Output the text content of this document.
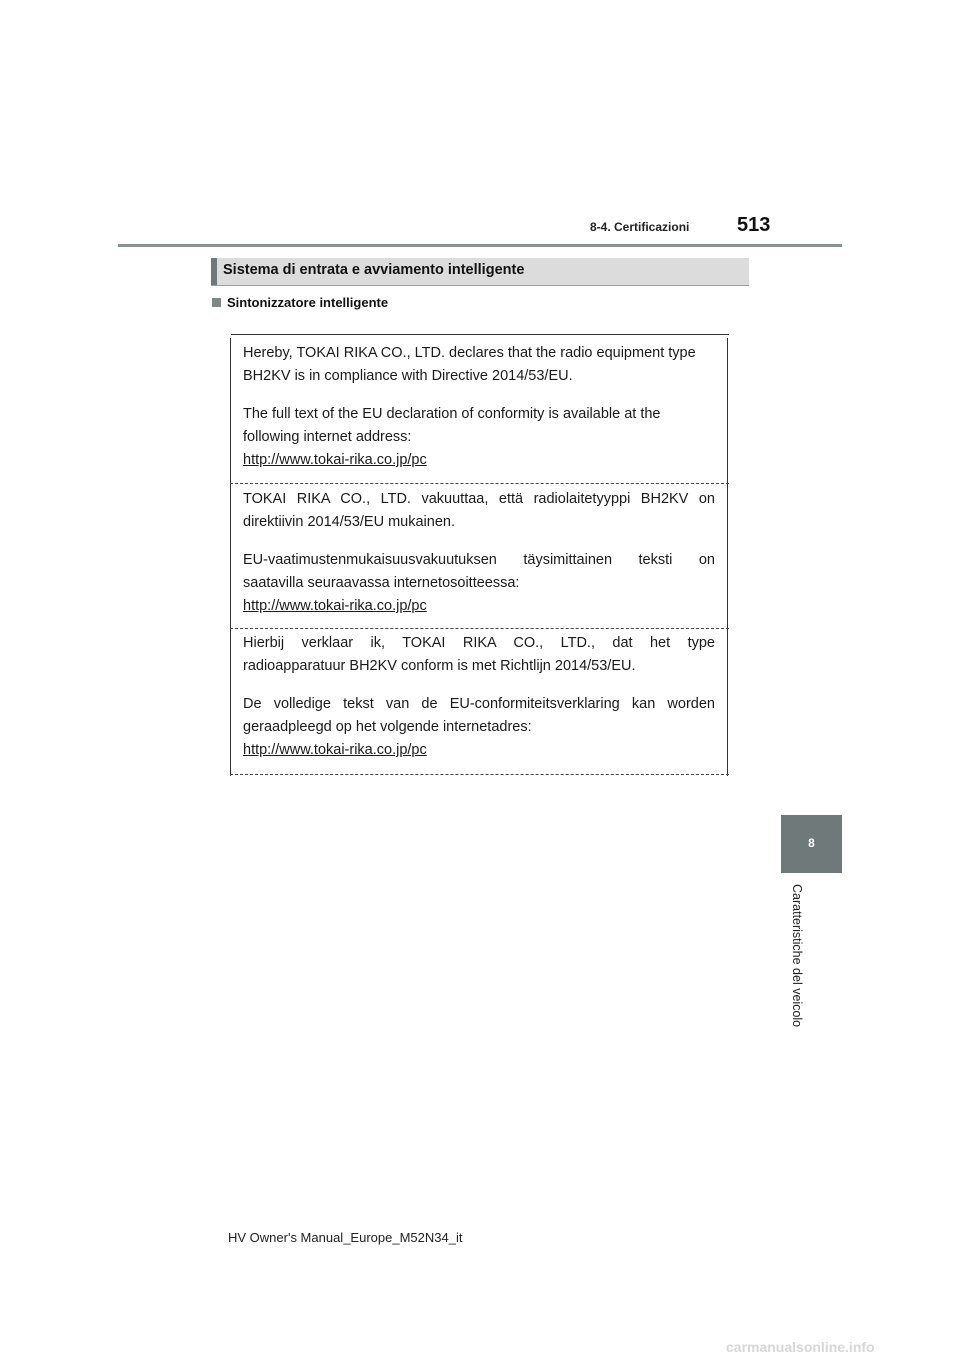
8-4. Certificazioni 513
Sistema di entrata e avviamento intelligente
Sintonizzatore intelligente

Hereby, TOKAI RIKA CO., LTD. declares that the radio equipment type

BH2KV is in compliance with Directive 2014/53/EU.

The full text of the EU declaration of conformity is available at the

following internet address:

http://www.tokai-rika.co.jp/pc

TOKAI RIKA CO., LTD. vakuuttaa, että radiolaitetyyppi BH2KV on

direktiivin 2014/53/EU mukainen.

EU-vaatimustenmukaisuusvakuutuksen täysimittainen teksti on

saatavilla seuraavassa internetosoitteessa:

http://www.tokai-rika.co.jp/pc

Hierbij verklaar ik, TOKAI RIKA CO., LTD., dat het type

radioapparatuur BH2KV conform is met Richtlijn 2014/53/EU.

De volledige tekst van de EU-conformiteitsverklaring kan worden

geraadpleegd op het volgende internetadres:

http://www.tokai-rika.co.jp/pc

8
Caratteristiche del veicolo
HV Owner's Manual_Europe_M52N34_it
carmanualsonline.info
